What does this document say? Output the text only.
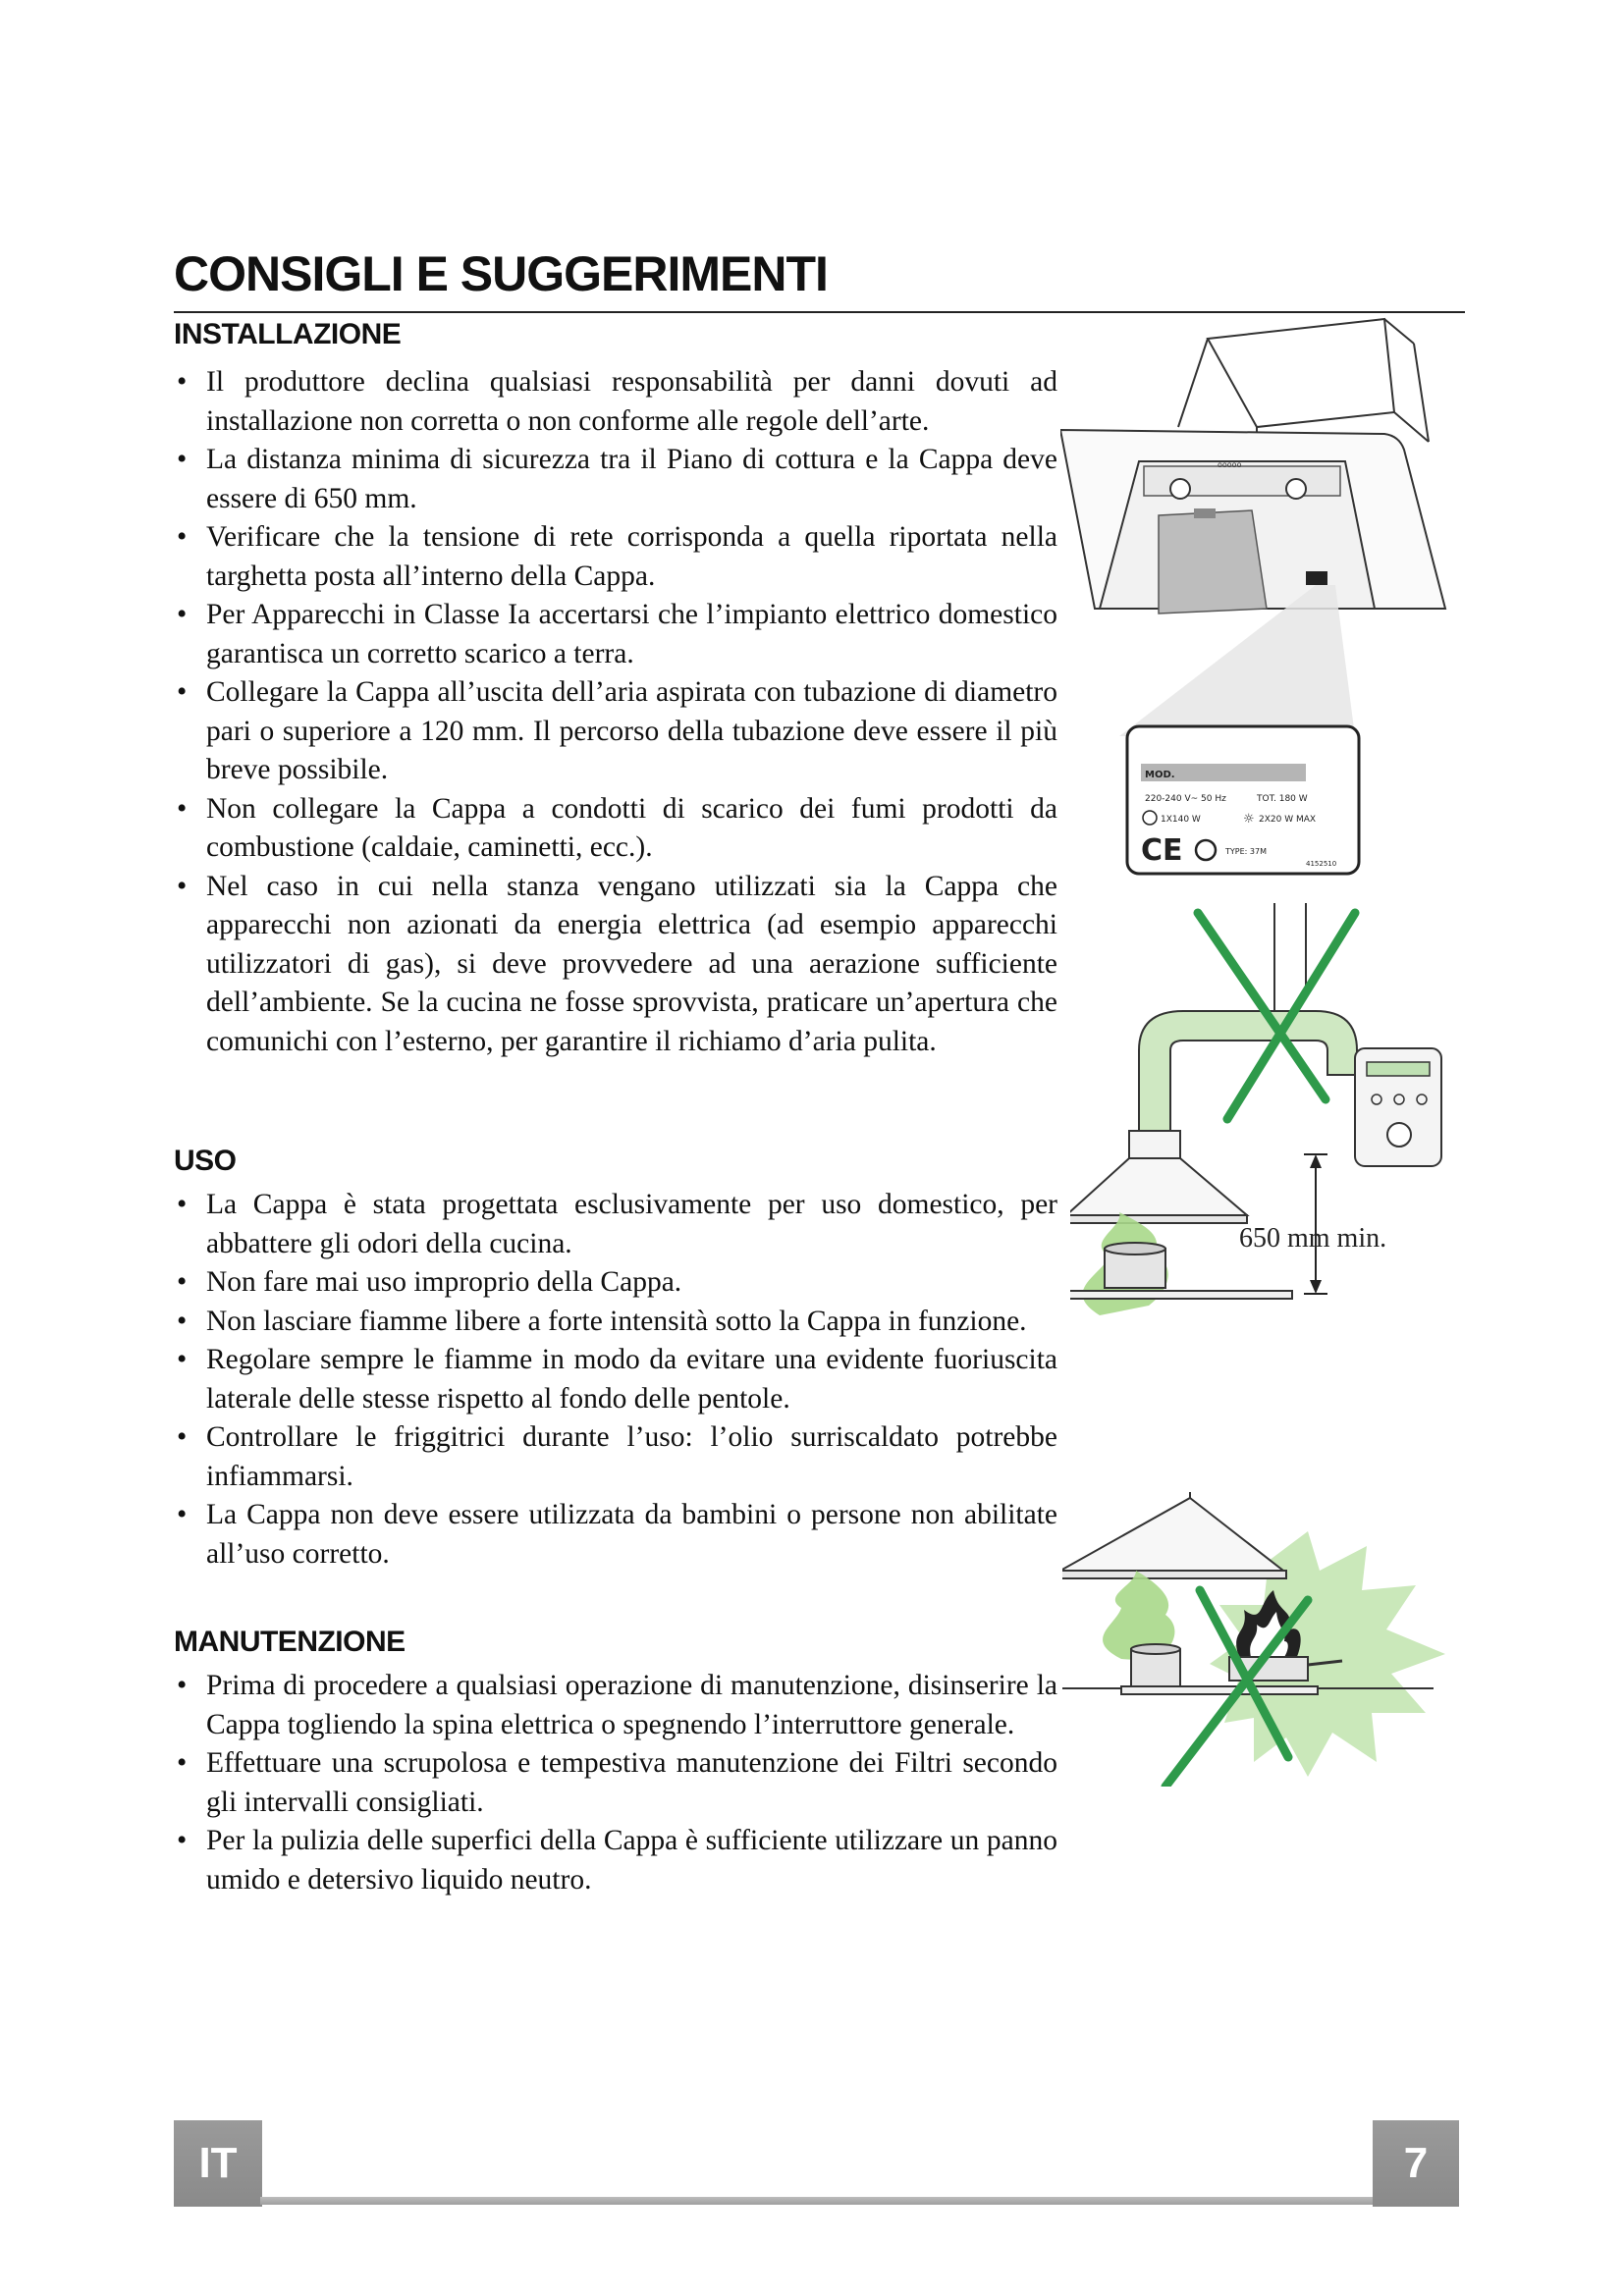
CONSIGLI E SUGGERIMENTI
INSTALLAZIONE
• Il produttore declina qualsiasi responsabilità per danni dovuti ad installazione non corretta o non conforme alle regole dell’arte.
• La distanza minima di sicurezza tra il Piano di cottura e la Cappa deve essere di 650 mm.
• Verificare che la tensione di rete corrisponda a quella riportata nella targhetta posta all’interno della Cappa.
• Per Apparecchi in Classe Ia accertarsi che l’impianto elettrico domestico garantisca un corretto scarico a terra.
• Collegare la Cappa all’uscita dell’aria aspirata con tubazione di diametro pari o superiore a 120 mm. Il percorso della tubazione deve essere il più breve possibile.
• Non collegare la Cappa a condotti di scarico dei fumi prodotti da combustione (caldaie, caminetti, ecc.).
• Nel caso in cui nella stanza vengano utilizzati sia la Cappa che apparecchi non azionati da energia elettrica (ad esempio apparecchi utilizzatori di gas), si deve provvedere ad una aerazione sufficiente dell’ambiente. Se la cucina ne fosse sprovvista, praticare un’apertura che comunichi con l’esterno, per garantire il richiamo d’aria pulita.
USO
• La Cappa è stata progettata esclusivamente per uso domestico, per abbattere gli odori della cucina.
• Non fare mai uso improprio della Cappa.
• Non lasciare fiamme libere a forte intensità sotto la Cappa in funzione.
• Regolare sempre le fiamme in modo da evitare una evidente fuoriuscita laterale delle stesse rispetto al fondo delle pentole.
• Controllare le friggitrici durante l’uso: l’olio surriscaldato potrebbe infiammarsi.
• La Cappa non deve essere utilizzata da bambini o persone non abilitate all’uso corretto.
MANUTENZIONE
• Prima di procedere a qualsiasi operazione di manutenzione, disinserire la Cappa togliendo la spina elettrica o spegnendo l’interruttore generale.
• Effettuare una scrupolosa e tempestiva manutenzione dei Filtri secondo gli intervalli consigliati.
• Per la pulizia delle superfici della Cappa è sufficiente utilizzare un panno umido e detersivo liquido neutro.
ooooo
MOD.
220-240 V~ 50 Hz	TOT. 180 W
1X140 W	☼ 2X20 W MAX
CE	TYPE: 37M
4152510
650 mm min.
IT	7
